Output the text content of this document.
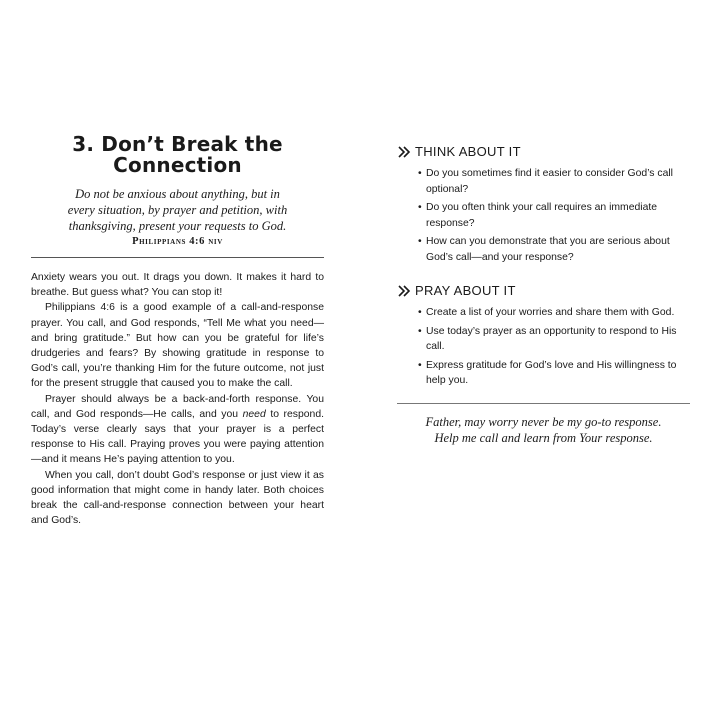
3. Don’t Break the
Connection
Do not be anxious about anything, but in
every situation, by prayer and petition, with
thanksgiving, present your requests to God.
Philippians 4:6 niv

Anxiety wears you out. It drags you down. It makes it hard to breathe. But guess what? You can stop it!

Philippians 4:6 is a good example of a call-and-response prayer. You call, and God responds, “Tell Me what you need—and bring gratitude.” But how can you be grateful for life’s drudgeries and fears? By showing gratitude in response to God’s call, you’re thanking Him for the future outcome, not just for the present struggle that caused you to make the call.

Prayer should always be a back-and-forth response. You call, and God responds—He calls, and you need to respond. Today’s verse clearly says that your prayer is a perfect response to His call. Praying proves you were paying attention—and it means He’s paying attention to you.

When you call, don’t doubt God’s response or just view it as good information that might come in handy later. Both choices break the call-and-response connection between your heart and God’s.

THINK ABOUT IT
• Do you sometimes find it easier to consider God’s call optional?
• Do you often think your call requires an immediate response?
• How can you demonstrate that you are serious about God’s call—and your response?
PRAY ABOUT IT
• Create a list of your worries and share them with God.
• Use today’s prayer as an opportunity to respond to His call.
• Express gratitude for God’s love and His willingness to help you.
Father, may worry never be my go-to response.
Help me call and learn from Your response.
